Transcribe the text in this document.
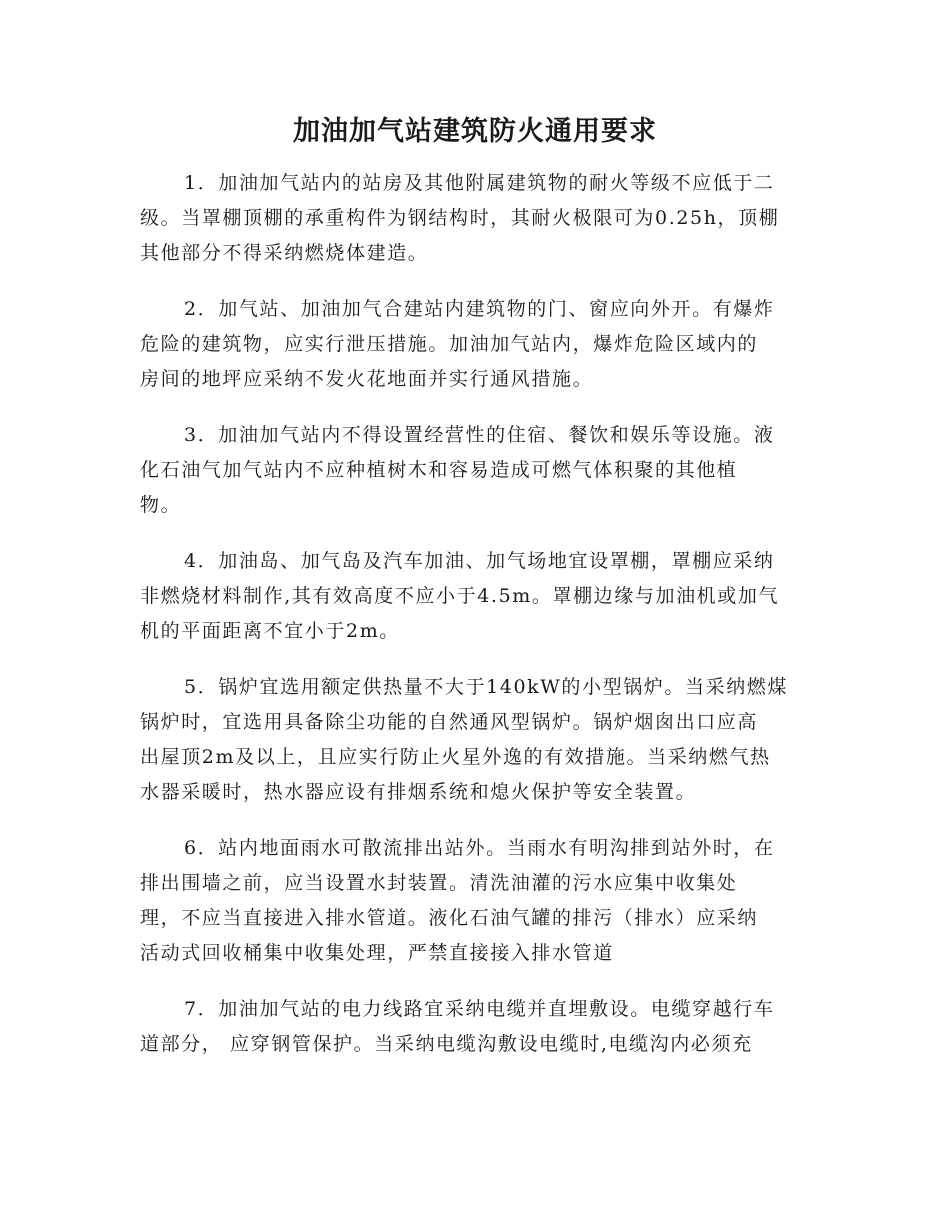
加油加气站建筑防火通用要求

1．加油加气站内的站房及其他附属建筑物的耐火等级不应低于二
级。当罩棚顶棚的承重构件为钢结构时，其耐火极限可为0.25h，顶棚
其他部分不得采纳燃烧体建造。

2．加气站、加油加气合建站内建筑物的门、窗应向外开。有爆炸
危险的建筑物，应实行泄压措施。加油加气站内，爆炸危险区域内的
房间的地坪应采纳不发火花地面并实行通风措施。

3．加油加气站内不得设置经营性的住宿、餐饮和娱乐等设施。液
化石油气加气站内不应种植树木和容易造成可燃气体积聚的其他植
物。

4．加油岛、加气岛及汽车加油、加气场地宜设罩棚，罩棚应采纳
非燃烧材料制作,其有效高度不应小于4.5m。罩棚边缘与加油机或加气
机的平面距离不宜小于2m。

5．锅炉宜选用额定供热量不大于140kW的小型锅炉。当采纳燃煤
锅炉时，宜选用具备除尘功能的自然通风型锅炉。锅炉烟囱出口应高
出屋顶2m及以上，且应实行防止火星外逸的有效措施。当采纳燃气热
水器采暖时，热水器应设有排烟系统和熄火保护等安全装置。

6．站内地面雨水可散流排出站外。当雨水有明沟排到站外时，在
排出围墙之前，应当设置水封装置。清洗油灌的污水应集中收集处
理，不应当直接进入排水管道。液化石油气罐的排污（排水）应采纳
活动式回收桶集中收集处理，严禁直接接入排水管道

7．加油加气站的电力线路宜采纳电缆并直埋敷设。电缆穿越行车
道部分， 应穿钢管保护。当采纳电缆沟敷设电缆时,电缆沟内必须充
